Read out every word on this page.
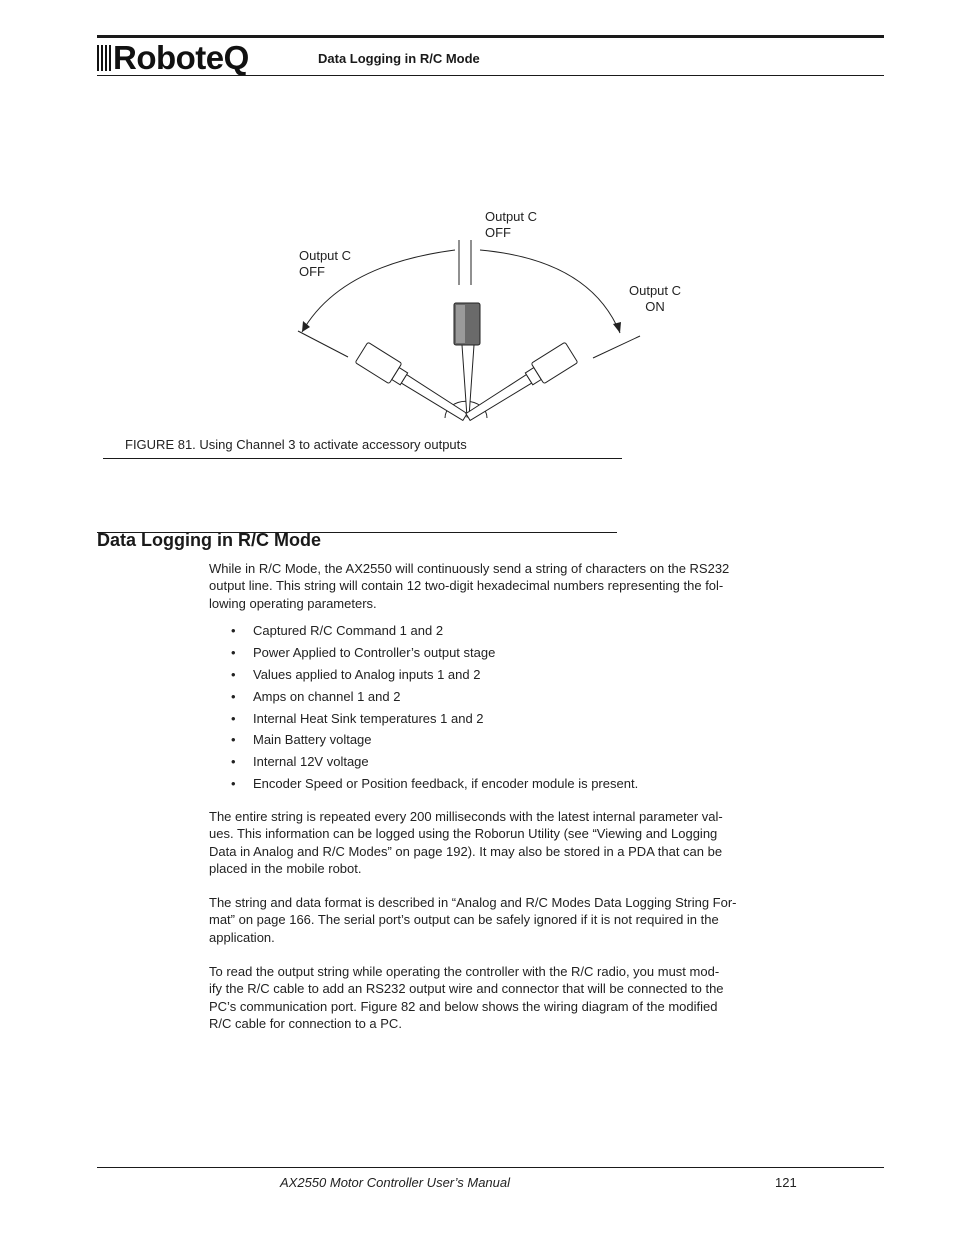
RoboteQ	Data Logging in R/C Mode
Output C
OFF
Output C
OFF
Output C
ON
FIGURE 81. Using Channel 3 to activate accessory outputs
Data Logging in R/C Mode
While in R/C Mode, the AX2550 will continuously send a string of characters on the RS232
output line. This string will contain 12 two-digit hexadecimal numbers representing the fol-
lowing operating parameters.
•	Captured R/C Command 1 and 2
•	Power Applied to Controller’s output stage
•	Values applied to Analog inputs 1 and 2
•	Amps on channel 1 and 2
•	Internal Heat Sink temperatures 1 and 2
•	Main Battery voltage
•	Internal 12V voltage
•	Encoder Speed or Position feedback, if encoder module is present.
The entire string is repeated every 200 milliseconds with the latest internal parameter val-
ues. This information can be logged using the Roborun Utility (see “Viewing and Logging
Data in Analog and R/C Modes” on page 192). It may also be stored in a PDA that can be
placed in the mobile robot.
The string and data format is described in “Analog and R/C Modes Data Logging String For-
mat” on page 166. The serial port’s output can be safely ignored if it is not required in the
application.
To read the output string while operating the controller with the R/C radio, you must mod-
ify the R/C cable to add an RS232 output wire and connector that will be connected to the
PC’s communication port. Figure 82 and below shows the wiring diagram of the modified
R/C cable for connection to a PC.
AX2550 Motor Controller User’s Manual	121
